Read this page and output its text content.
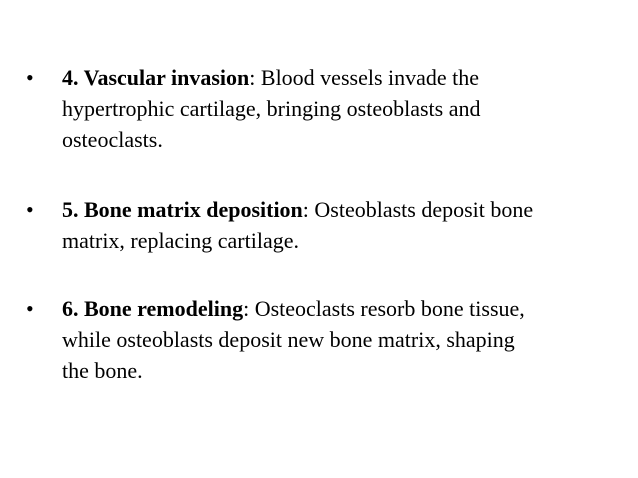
• 4. Vascular invasion: Blood vessels invade the
hypertrophic cartilage, bringing osteoblasts and
osteoclasts.
• 5. Bone matrix deposition: Osteoblasts deposit bone
matrix, replacing cartilage.
• 6. Bone remodeling: Osteoclasts resorb bone tissue,
while osteoblasts deposit new bone matrix, shaping
the bone.
